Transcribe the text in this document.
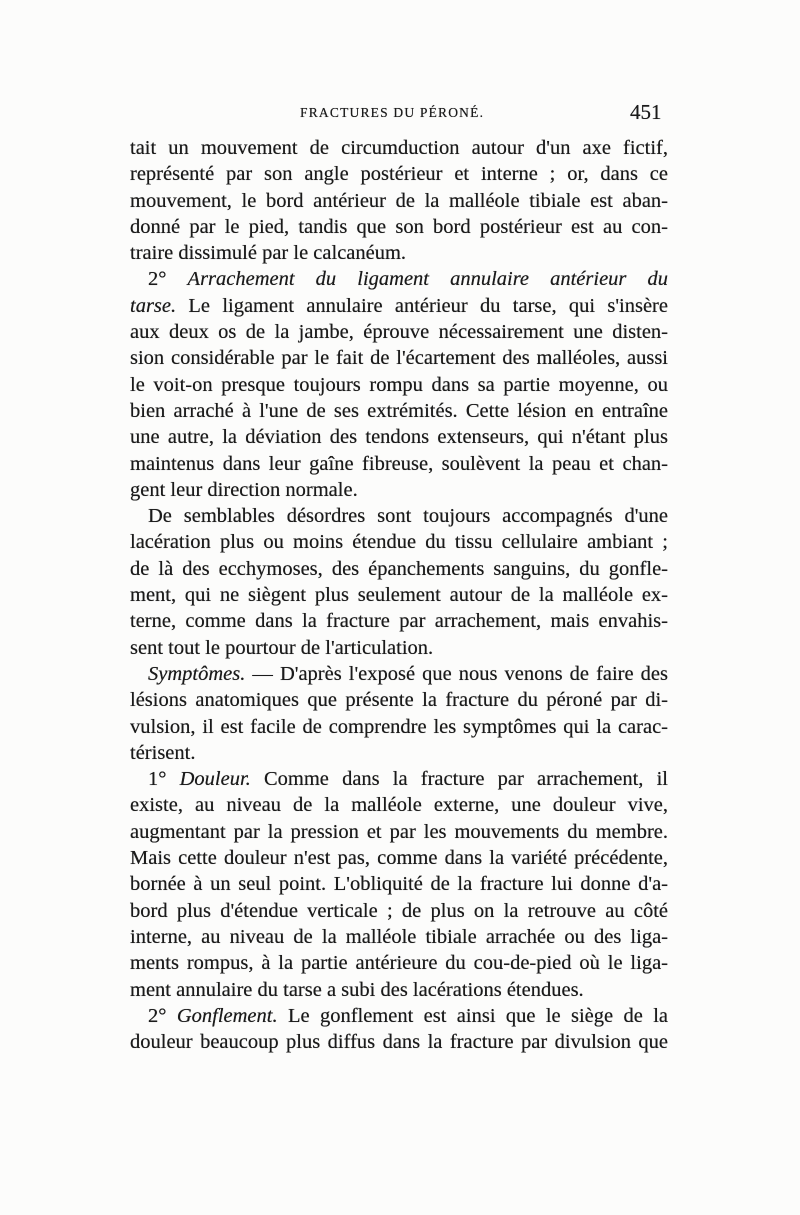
FRACTURES DU PÉRONÉ.	451
tait un mouvement de circumduction autour d'un axe fictif,
représenté par son angle postérieur et interne ; or, dans ce
mouvement, le bord antérieur de la malléole tibiale est aban-
donné par le pied, tandis que son bord postérieur est au con-
traire dissimulé par le calcanéum.
2° Arrachement du ligament annulaire antérieur du
tarse. Le ligament annulaire antérieur du tarse, qui s'insère
aux deux os de la jambe, éprouve nécessairement une disten-
sion considérable par le fait de l'écartement des malléoles, aussi
le voit-on presque toujours rompu dans sa partie moyenne, ou
bien arraché à l'une de ses extrémités. Cette lésion en entraîne
une autre, la déviation des tendons extenseurs, qui n'étant plus
maintenus dans leur gaîne fibreuse, soulèvent la peau et chan-
gent leur direction normale.
De semblables désordres sont toujours accompagnés d'une
lacération plus ou moins étendue du tissu cellulaire ambiant ;
de là des ecchymoses, des épanchements sanguins, du gonfle-
ment, qui ne siègent plus seulement autour de la malléole ex-
terne, comme dans la fracture par arrachement, mais envahis-
sent tout le pourtour de l'articulation.
Symptômes. — D'après l'exposé que nous venons de faire des
lésions anatomiques que présente la fracture du péroné par di-
vulsion, il est facile de comprendre les symptômes qui la carac-
térisent.
1° Douleur. Comme dans la fracture par arrachement, il
existe, au niveau de la malléole externe, une douleur vive,
augmentant par la pression et par les mouvements du membre.
Mais cette douleur n'est pas, comme dans la variété précédente,
bornée à un seul point. L'obliquité de la fracture lui donne d'a-
bord plus d'étendue verticale ; de plus on la retrouve au côté
interne, au niveau de la malléole tibiale arrachée ou des liga-
ments rompus, à la partie antérieure du cou-de-pied où le liga-
ment annulaire du tarse a subi des lacérations étendues.
2° Gonflement. Le gonflement est ainsi que le siège de la
douleur beaucoup plus diffus dans la fracture par divulsion que
